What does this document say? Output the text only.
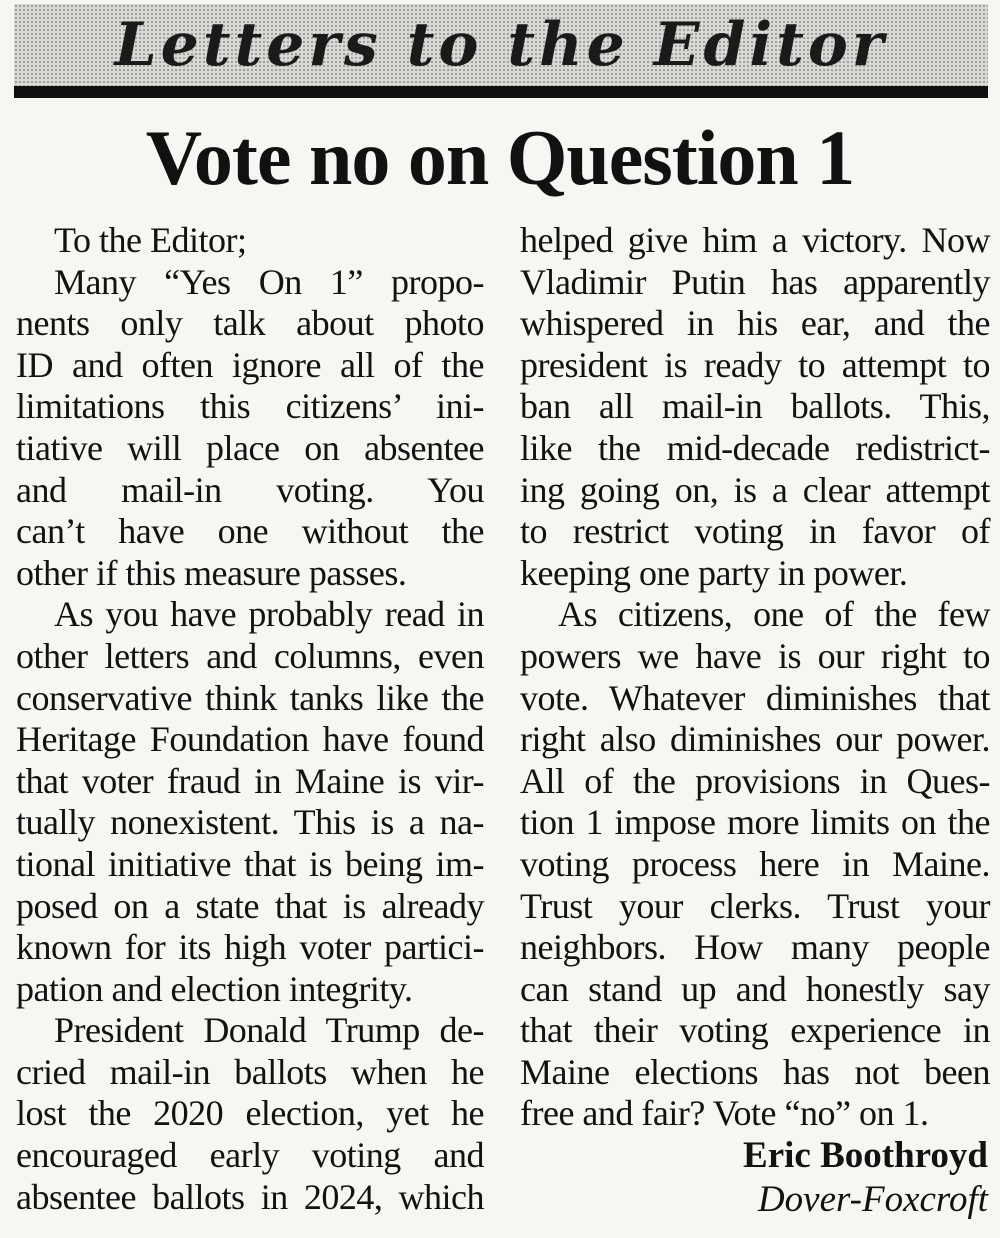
Letters to the Editor
Vote no on Question 1
To the Editor;
Many “Yes On 1” propo-
nents only talk about photo
ID and often ignore all of the
limitations this citizens’ ini-
tiative will place on absentee
and mail-in voting. You
can’t have one without the
other if this measure passes.
As you have probably read in
other letters and columns, even
conservative think tanks like the
Heritage Foundation have found
that voter fraud in Maine is vir-
tually nonexistent. This is a na-
tional initiative that is being im-
posed on a state that is already
known for its high voter partici-
pation and election integrity.
President Donald Trump de-
cried mail-in ballots when he
lost the 2020 election, yet he
encouraged early voting and
absentee ballots in 2024, which
helped give him a victory. Now
Vladimir Putin has apparently
whispered in his ear, and the
president is ready to attempt to
ban all mail-in ballots. This,
like the mid-decade redistrict-
ing going on, is a clear attempt
to restrict voting in favor of
keeping one party in power.
As citizens, one of the few
powers we have is our right to
vote. Whatever diminishes that
right also diminishes our power.
All of the provisions in Ques-
tion 1 impose more limits on the
voting process here in Maine.
Trust your clerks. Trust your
neighbors. How many people
can stand up and honestly say
that their voting experience in
Maine elections has not been
free and fair? Vote “no” on 1.
Eric Boothroyd
Dover-Foxcroft
